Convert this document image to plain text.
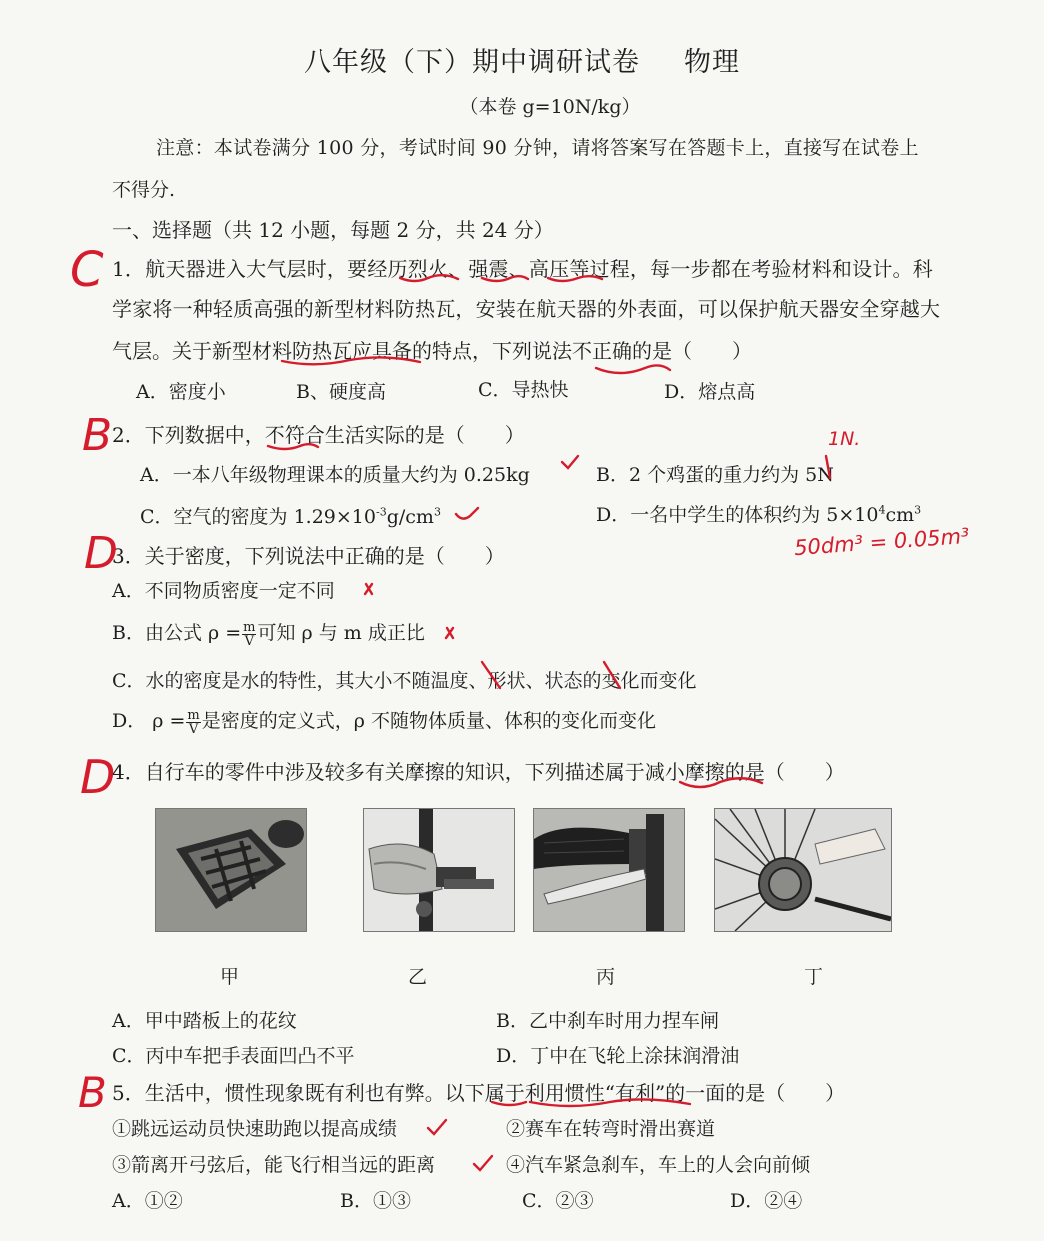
八年级（下）期中调研试卷 物理
（本卷 g=10N/kg）
注意：本试卷满分 100 分，考试时间 90 分钟，请将答案写在答题卡上，直接写在试卷上
不得分.
一、选择题（共 12 小题，每题 2 分，共 24 分）
1．航天器进入大气层时，要经历烈火、强震、高压等过程，每一步都在考验材料和设计。科
学家将一种轻质高强的新型材料防热瓦，安装在航天器的外表面，可以保护航天器安全穿越大
气层。关于新型材料防热瓦应具备的特点，下列说法不正确的是（　　）
A．密度小	B、硬度高	C．导热快	D．熔点高
2．下列数据中，不符合生活实际的是（　　）
A．一本八年级物理课本的质量大约为 0.25kg	B．2 个鸡蛋的重力约为 5N
C．空气的密度为 $1.29\times 10^{-3}g/cm^3$	D．一名中学生的体积约为 $5\times 10^4cm^3$
3．关于密度，下列说法中正确的是（　　）
A．不同物质密度一定不同
B．由公式 $\rho = \frac{m}{V}$ 可知 ρ 与 m 成正比
C．水的密度是水的特性，其大小不随温度、形状、状态的变化而变化
D． $\rho = \frac{m}{V}$ 是密度的定义式，ρ 不随物体质量、体积的变化而变化
4．自行车的零件中涉及较多有关摩擦的知识，下列描述属于减小摩擦的是（　　）
甲	乙	丙	丁
A．甲中踏板上的花纹	B．乙中刹车时用力捏车闸
C．丙中车把手表面凹凸不平	D．丁中在飞轮上涂抹润滑油
5．生活中，惯性现象既有利也有弊。以下属于利用惯性“有利”的一面的是（　　）
①跳远运动员快速助跑以提高成绩	②赛车在转弯时滑出赛道
③箭离开弓弦后，能飞行相当远的距离	④汽车紧急刹车，车上的人会向前倾
A．①②	B．①③	C．②③	D．②④
C
B
D
D
B
1N.
50dm³ = 0.05m³
